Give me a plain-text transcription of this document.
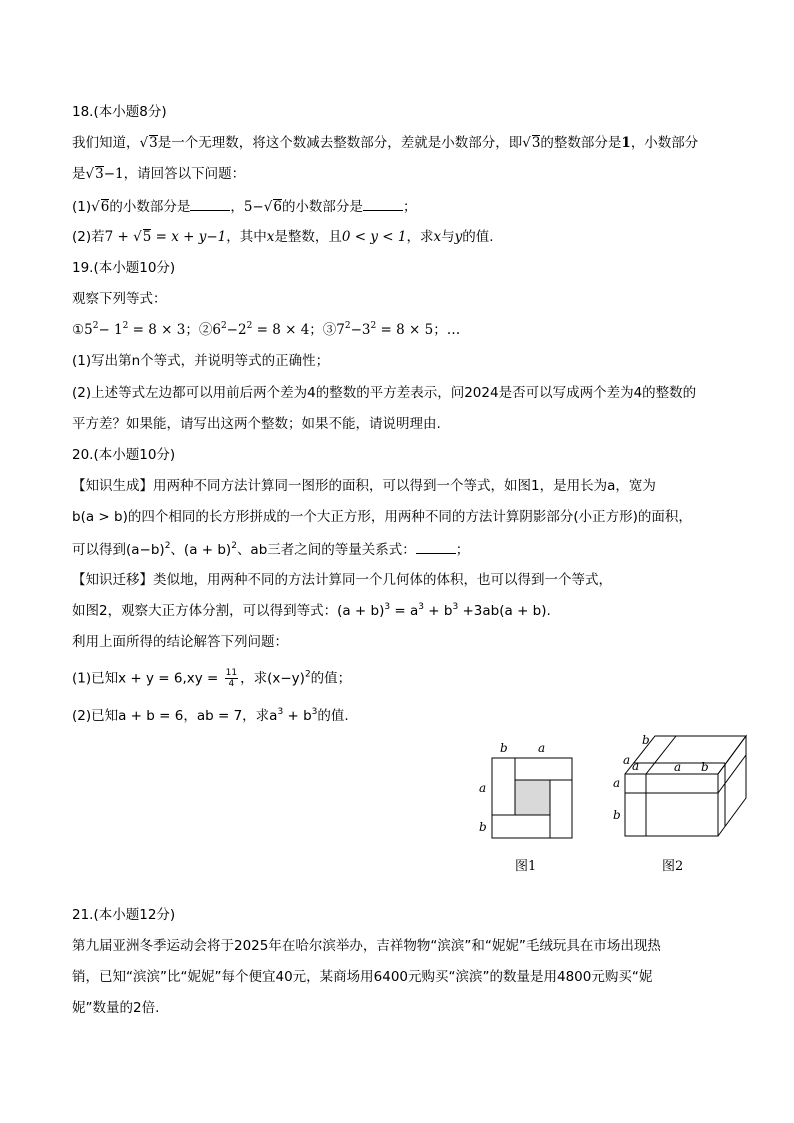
18.(本小题8分)
我们知道，√3是一个无理数，将这个数减去整数部分，差就是小数部分，即√3的整数部分是1，小数部分
是√3−1，请回答以下问题：
(1)√6的小数部分是	，5−√6的小数部分是	；
(2)若7 + √5 = x + y−1，其中x是整数，且0 < y < 1，求x与y的值.
19.(本小题10分)
观察下列等式：
$①5^2- 1^2 = 8 \times 3$；$②6^2-2^2 = 8 \times 4$；$③7^2-3^2 = 8 \times 5$；…
(1)写出第n个等式，并说明等式的正确性；
(2)上述等式左边都可以用前后两个差为4的整数的平方差表示，问2024是否可以写成两个差为4的整数的
平方差？如果能，请写出这两个整数；如果不能，请说明理由.
20.(本小题10分)
【知识生成】用两种不同方法计算同一图形的面积，可以得到一个等式，如图1，是用长为a，宽为
b(a > b)的四个相同的长方形拼成的一个大正方形，用两种不同的方法计算阴影部分(小正方形)的面积，
可以得到$(a-b)^2$、$(a + b)^2$、ab三者之间的等量关系式：	；
【知识迁移】类似地，用两种不同的方法计算同一个几何体的体积，也可以得到一个等式，
如图2，观察大正方体分割，可以得到等式：$(a + b)^3 = a^3 + b^3 +3ab(a + b)$.
利用上面所得的结论解答下列问题：
(1)已知$x + y = 6,xy = \frac{11}{4}$ ，求$(x-y)^2$的值；
(2)已知a + b = 6，ab = 7，求$a^3 + b^3$的值.
b	a
a
b
图1
b
a a	a b
a
b
图2
21.(本小题12分)
第九届亚洲冬季运动会将于2025年在哈尔滨举办，吉祥物物“滨滨”和“妮妮”毛绒玩具在市场出现热
销，已知“滨滨”比“妮妮”每个便宜40元，某商场用6400元购买“滨滨”的数量是用4800元购买“妮
妮”数量的2倍.
